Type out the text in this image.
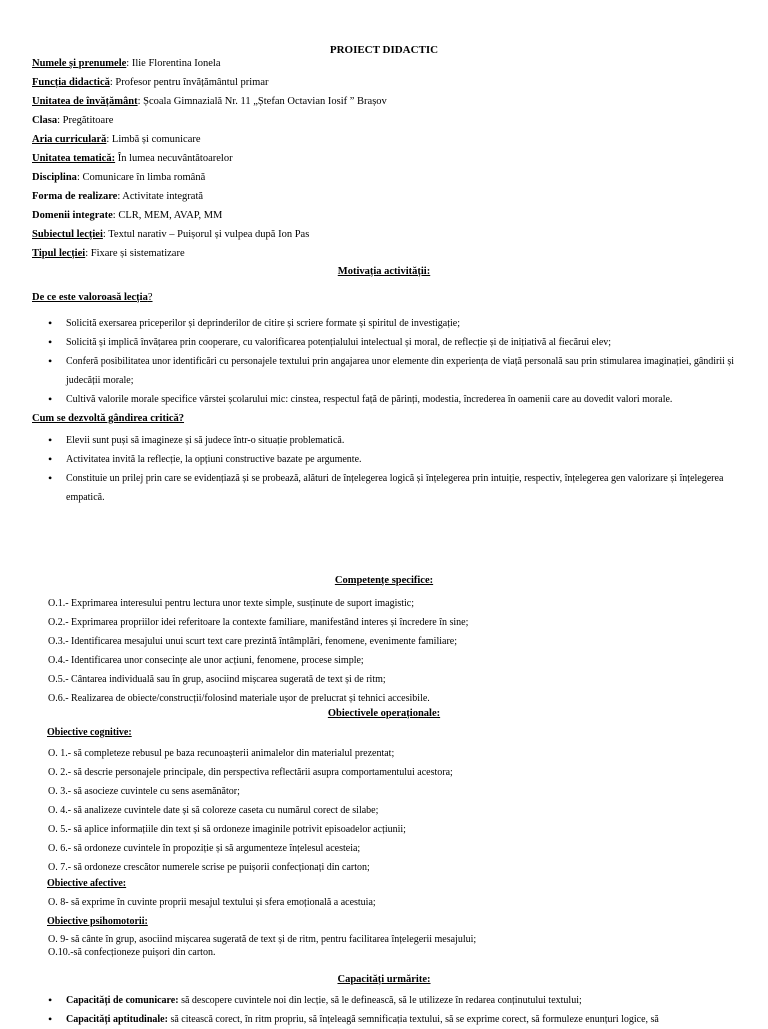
PROIECT DIDACTIC
Numele și prenumele: Ilie Florentina Ionela
Funcția didactică: Profesor pentru învățământul primar
Unitatea de învățământ: Școala Gimnazială Nr. 11 „Ștefan Octavian Iosif ” Brașov
Clasa: Pregătitoare
Aria curriculară: Limbă și comunicare
Unitatea tematică: În lumea necuvântătoarelor
Disciplina: Comunicare în limba română
Forma de realizare: Activitate integrată
Domenii integrate: CLR, MEM, AVAP, MM
Subiectul lecției: Textul narativ – Puișorul și vulpea după Ion Pas
Tipul lecției: Fixare și sistematizare
Motivația activității:
De ce este valoroasă lecția?
• Solicită exersarea priceperilor și deprinderilor de citire și scriere formate și spiritul de investigație;
• Solicită și implică învățarea prin cooperare, cu valorificarea potențialului intelectual și moral, de reflecție și de inițiativă al fiecărui elev;
• Conferă posibilitatea unor identificări cu personajele textului prin angajarea unor elemente din experiența de viață personală sau prin stimularea imaginației, gândirii și judecății morale;
• Cultivă valorile morale specifice vârstei școlarului mic: cinstea, respectul față de părinți, modestia, încrederea în oamenii care au dovedit valori morale.
Cum se dezvoltă gândirea critică?
• Elevii sunt puși să imagineze și să judece într-o situație problematică.
• Activitatea invită la reflecție, la opțiuni constructive bazate pe argumente.
• Constituie un prilej prin care se evidențiază și se probează, alături de înțelegerea logică și înțelegerea prin intuiție, respectiv, înțelegerea gen valorizare și înțelegerea empatică.
Competențe specifice:
O.1.- Exprimarea interesului pentru lectura unor texte simple, susținute de suport imagistic;
O.2.- Exprimarea propriilor idei referitoare la contexte familiare, manifestând interes și încredere în sine;
O.3.- Identificarea mesajului unui scurt text care prezintă întâmplări, fenomene, evenimente familiare;
O.4.- Identificarea unor consecințe ale unor acțiuni, fenomene, procese simple;
O.5.- Cântarea individuală sau în grup, asociind mișcarea sugerată de text și de ritm;
O.6.- Realizarea de obiecte/construcții/folosind materiale ușor de prelucrat și tehnici accesibile.
Obiectivele operaționale:
Obiective cognitive:
O. 1.- să completeze rebusul pe baza recunoașterii animalelor din materialul prezentat;
O. 2.- să descrie personajele principale, din perspectiva reflectării asupra comportamentului acestora;
O. 3.- să asocieze cuvintele cu sens asemănător;
O. 4.- să analizeze cuvintele date și să coloreze caseta cu numărul corect de silabe;
O. 5.- să aplice informațiile din text și să ordoneze imaginile potrivit episoadelor acțiunii;
O. 6.- să ordoneze cuvintele în propoziție și să argumenteze înțelesul acesteia;
O. 7.- să ordoneze crescător numerele scrise pe puișorii confecționați din carton;
Obiective afective:
O. 8- să exprime în cuvinte proprii mesajul textului și sfera emoțională a acestuia;
Obiective psihomotorii:
O. 9- să cânte în grup, asociind mișcarea sugerată de text și de ritm, pentru facilitarea înțelegerii mesajului;
O.10.-să confecționeze puișori din carton.
Capacități urmărite:
• Capacități de comunicare: să descopere cuvintele noi din lecție, să le definească, să le utilizeze în redarea conținutului textului;
• Capacități aptitudinale: să citească corect, în ritm propriu, să înțeleagă semnificația textului, să se exprime corect, să formuleze enunțuri logice, să
